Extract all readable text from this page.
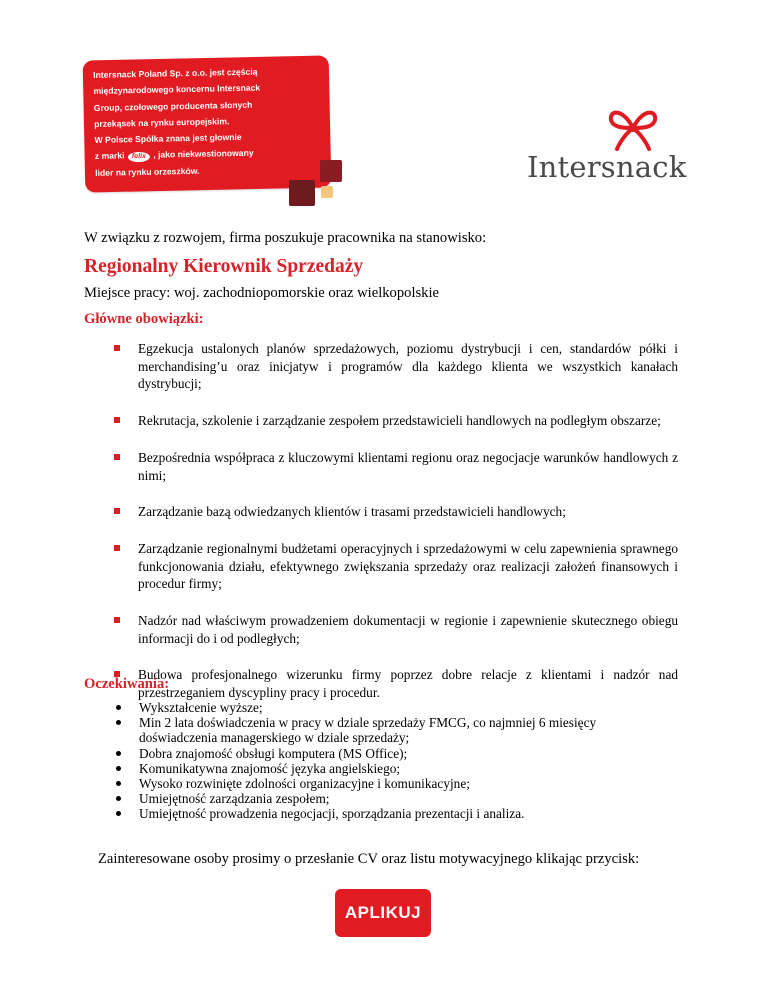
Intersnack Poland Sp. z o.o. jest częścią
międzynarodowego koncernu Intersnack
Group, czołowego producenta słonych
przekąsek na rynku europejskim.
W Polsce Spółka znana jest głownie
z marki felix , jako niekwestionowany
lider na rynku orzeszków.	Intersnack
W związku z rozwojem, firma poszukuje pracownika na stanowisko:
Regionalny Kierownik Sprzedaży
Miejsce pracy: woj. zachodniopomorskie oraz wielkopolskie
Główne obowiązki:
Egzekucja ustalonych planów sprzedażowych, poziomu dystrybucji i cen, standardów półki i merchandising’u oraz inicjatyw i programów dla każdego klienta we wszystkich kanałach dystrybucji;
Rekrutacja, szkolenie i zarządzanie zespołem przedstawicieli handlowych na podległym obszarze;
Bezpośrednia współpraca z kluczowymi klientami regionu oraz negocjacje warunków handlowych z nimi;
Zarządzanie bazą odwiedzanych klientów i trasami przedstawicieli handlowych;
Zarządzanie regionalnymi budżetami operacyjnych i sprzedażowymi w celu zapewnienia sprawnego funkcjonowania działu, efektywnego zwiększania sprzedaży oraz realizacji założeń finansowych i procedur firmy;
Nadzór nad właściwym prowadzeniem dokumentacji w regionie i zapewnienie skutecznego obiegu informacji do i od podległych;
Budowa profesjonalnego wizerunku firmy poprzez dobre relacje z klientami i nadzór nad przestrzeganiem dyscypliny pracy i procedur.
Oczekiwania:
Wykształcenie wyższe;
Min 2 lata doświadczenia w pracy w dziale sprzedaży FMCG, co najmniej 6 miesięcy doświadczenia managerskiego w dziale sprzedaży;
Dobra znajomość obsługi komputera (MS Office);
Komunikatywna znajomość języka angielskiego;
Wysoko rozwinięte zdolności organizacyjne i komunikacyjne;
Umiejętność zarządzania zespołem;
Umiejętność prowadzenia negocjacji, sporządzania prezentacji i analiza.
Zainteresowane osoby prosimy o przesłanie CV oraz listu motywacyjnego klikając przycisk:
APLIKUJ
